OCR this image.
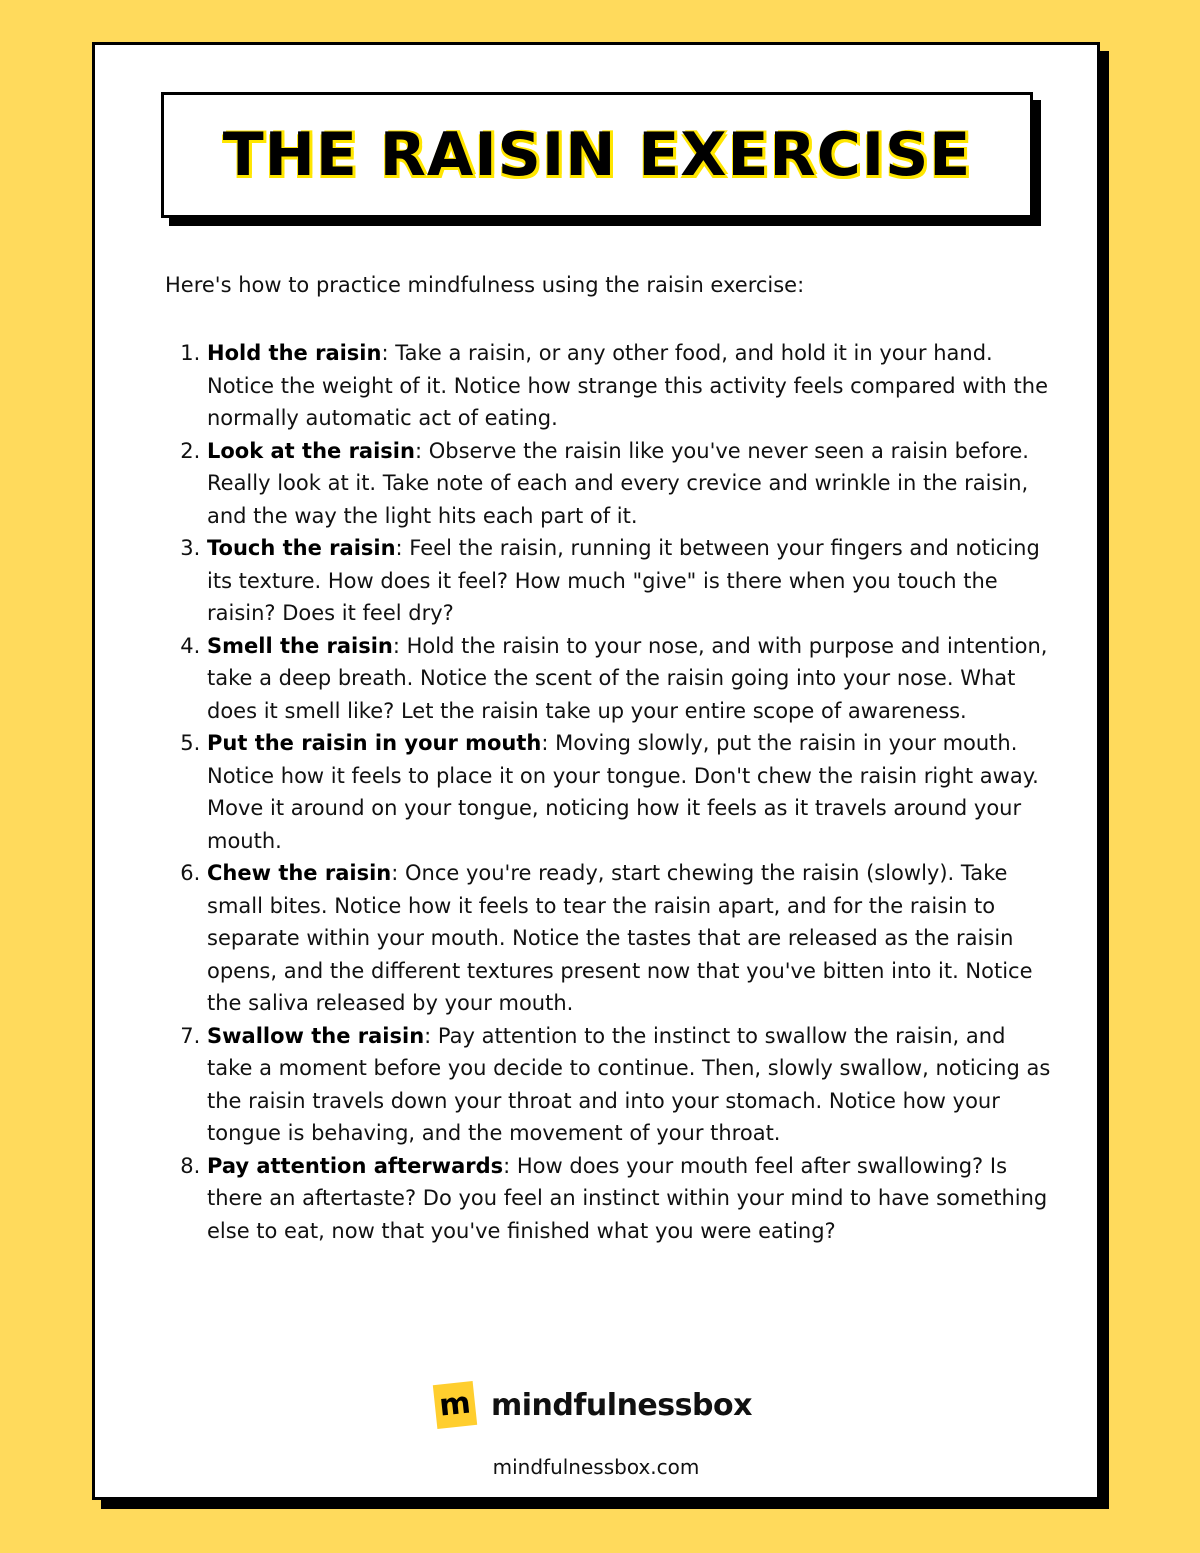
THE RAISIN EXERCISE

Here's how to practice mindfulness using the raisin exercise:

1. Hold the raisin: Take a raisin, or any other food, and hold it in your hand. Notice the weight of it. Notice how strange this activity feels compared with the normally automatic act of eating.
2. Look at the raisin: Observe the raisin like you've never seen a raisin before. Really look at it. Take note of each and every crevice and wrinkle in the raisin, and the way the light hits each part of it.
3. Touch the raisin: Feel the raisin, running it between your fingers and noticing its texture. How does it feel? How much "give" is there when you touch the raisin? Does it feel dry?
4. Smell the raisin: Hold the raisin to your nose, and with purpose and intention, take a deep breath. Notice the scent of the raisin going into your nose. What does it smell like? Let the raisin take up your entire scope of awareness.
5. Put the raisin in your mouth: Moving slowly, put the raisin in your mouth. Notice how it feels to place it on your tongue. Don't chew the raisin right away. Move it around on your tongue, noticing how it feels as it travels around your mouth.
6. Chew the raisin: Once you're ready, start chewing the raisin (slowly). Take small bites. Notice how it feels to tear the raisin apart, and for the raisin to separate within your mouth. Notice the tastes that are released as the raisin opens, and the different textures present now that you've bitten into it. Notice the saliva released by your mouth.
7. Swallow the raisin: Pay attention to the instinct to swallow the raisin, and take a moment before you decide to continue. Then, slowly swallow, noticing as the raisin travels down your throat and into your stomach. Notice how your tongue is behaving, and the movement of your throat.
8. Pay attention afterwards: How does your mouth feel after swallowing? Is there an aftertaste? Do you feel an instinct within your mind to have something else to eat, now that you've finished what you were eating?
m mindfulnessbox
mindfulnessbox.com
